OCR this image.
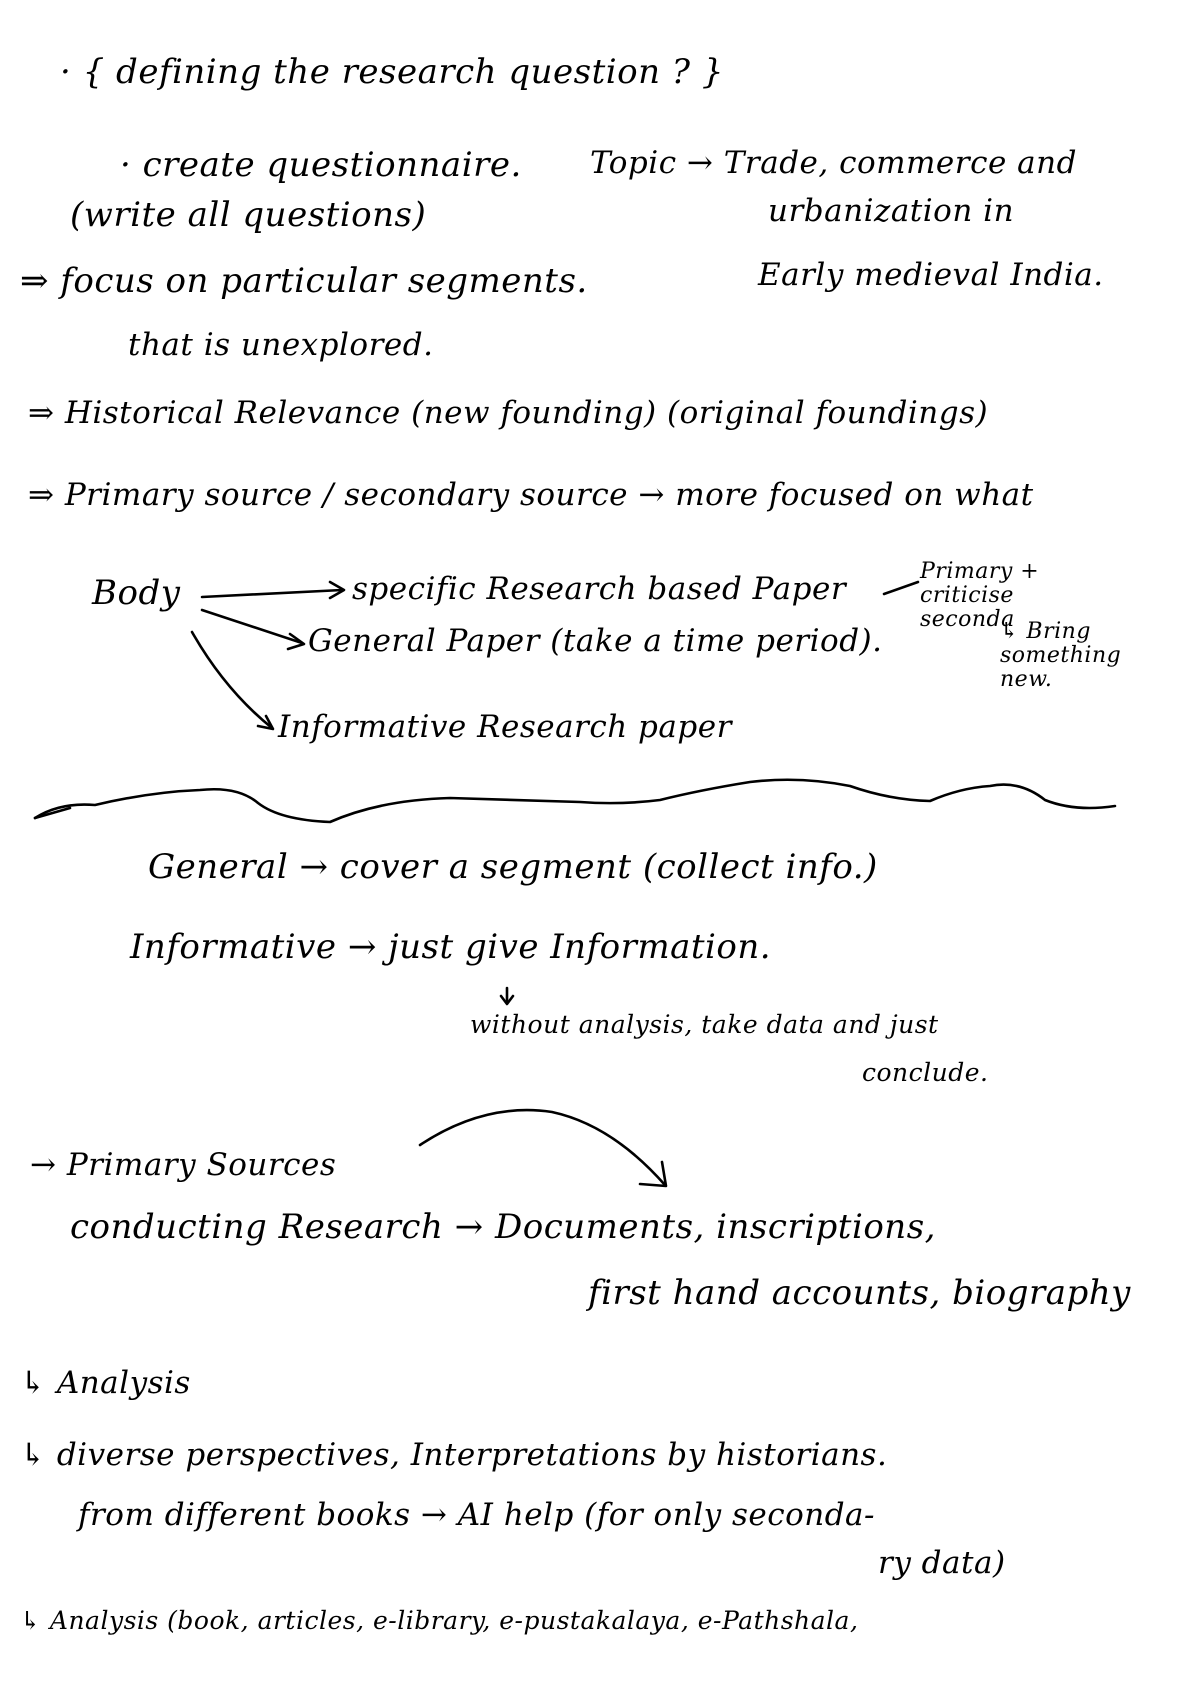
· { defining the research question ? }
· create questionnaire. Topic → Trade, commerce and
(write all questions)	urbanization in
⇒ focus on particular segments.	Early medieval India.
that is unexplored.
⇒ Historical Relevance (new founding) (original foundings)
⇒ Primary source / secondary source → more focused on what
Body	specific Research based Paper	Primary + criticise seconda
General Paper (take a time period).	↳ Bring something new.
Informative Research paper
General → cover a segment (collect info.)
Informative → just give Information.
without analysis, take data and just
conclude.
→ Primary Sources
conducting Research → Documents, inscriptions,
first hand accounts, biography
↳ Analysis
↳ diverse perspectives, Interpretations by historians.
from different books → AI help (for only seconda-
ry data)
↳ Analysis (book, articles, e-library, e-pustakalaya, e-Pathshala,
